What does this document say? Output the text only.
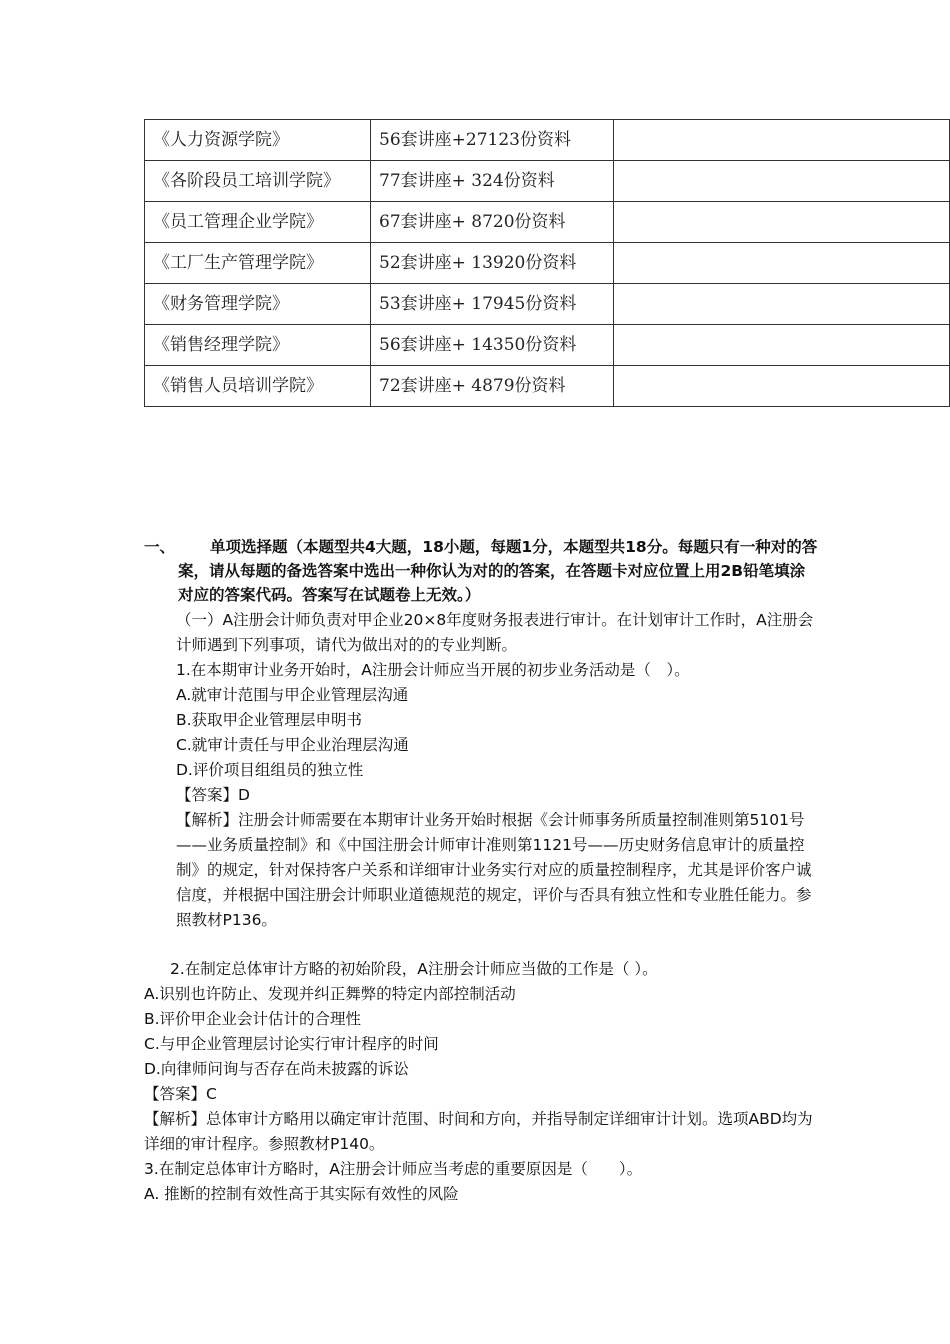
《人力资源学院》	56套讲座+27123份资料	

《各阶段员工培训学院》	77套讲座+ 324份资料	

《员工管理企业学院》	67套讲座+ 8720份资料	

《工厂生产管理学院》	52套讲座+ 13920份资料	

《财务管理学院》	53套讲座+ 17945份资料	

《销售经理学院》	56套讲座+ 14350份资料	

《销售人员培训学院》	72套讲座+ 4879份资料	

一、	单项选择题（本题型共4大题，18小题，每题1分，本题型共18分。每题只有一种对的答案，请从每题的备选答案中选出一种你认为对的的答案，在答题卡对应位置上用2B铅笔填涂对应的答案代码。答案写在试题卷上无效。）

（一）A注册会计师负责对甲企业20×8年度财务报表进行审计。在计划审计工作时，A注册会计师遇到下列事项，请代为做出对的的专业判断。

1.在本期审计业务开始时，A注册会计师应当开展的初步业务活动是（　）。

A.就审计范围与甲企业管理层沟通

B.获取甲企业管理层申明书

C.就审计责任与甲企业治理层沟通

D.评价项目组组员的独立性

【答案】D

【解析】注册会计师需要在本期审计业务开始时根据《会计师事务所质量控制准则第5101号——业务质量控制》和《中国注册会计师审计准则第1121号——历史财务信息审计的质量控制》的规定，针对保持客户关系和详细审计业务实行对应的质量控制程序，尤其是评价客户诚信度，并根据中国注册会计师职业道德规范的规定，评价与否具有独立性和专业胜任能力。参照教材P136。

2.在制定总体审计方略的初始阶段，A注册会计师应当做的工作是（ ）。

A.识别也许防止、发现并纠正舞弊的特定内部控制活动

B.评价甲企业会计估计的合理性

C.与甲企业管理层讨论实行审计程序的时间

D.向律师问询与否存在尚未披露的诉讼

【答案】C

【解析】总体审计方略用以确定审计范围、时间和方向，并指导制定详细审计计划。选项ABD均为详细的审计程序。参照教材P140。

3.在制定总体审计方略时，A注册会计师应当考虑的重要原因是（　　）。

A. 推断的控制有效性高于其实际有效性的风险
